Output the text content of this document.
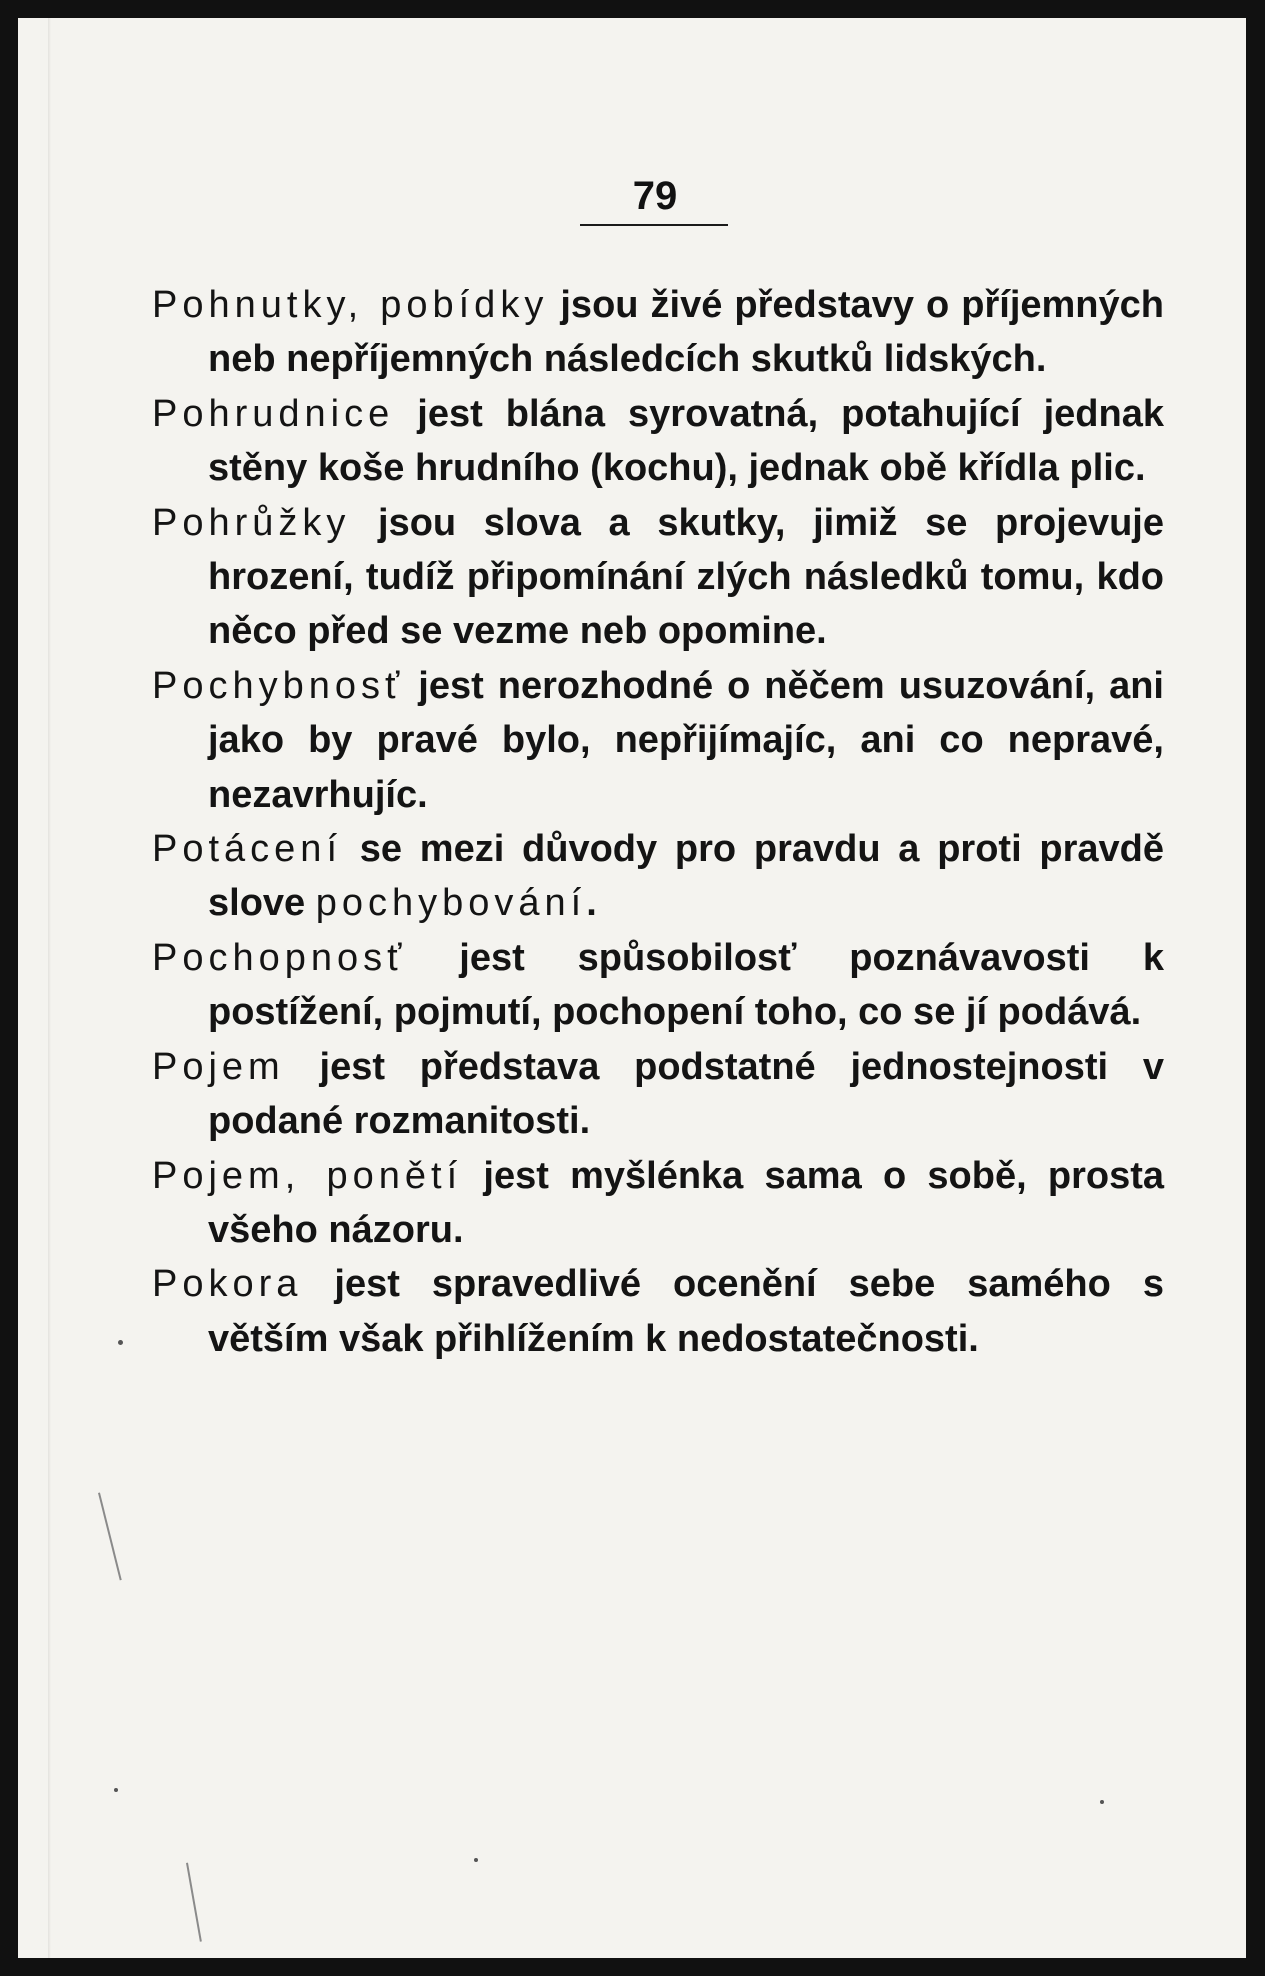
79

Pohnutky, pobídky jsou živé představy o příjemných neb nepříjemných následcích skutků lidských.

Pohrudnice jest blána syrovatná, potahující jednak stěny koše hrudního (kochu), jednak obě křídla plic.

Pohrůžky jsou slova a skutky, jimiž se projevuje hrození, tudíž připomínání zlých následků tomu, kdo něco před se vezme neb opomine.

Pochybnosť jest nerozhodné o něčem usuzování, ani jako by pravé bylo, nepřijímajíc, ani co nepravé, nezavrhujíc.

Potácení se mezi důvody pro pravdu a proti pravdě slove pochybování.

Pochopnosť jest spůsobilosť poznávavosti k postížení, pojmutí, pochopení toho, co se jí podává.

Pojem jest představa podstatné jednostejnosti v podané rozmanitosti.

Pojem, ponětí jest myšlénka sama o sobě, prosta všeho názoru.

Pokora jest spravedlivé ocenění sebe samého s větším však přihlížením k nedostatečnosti.
